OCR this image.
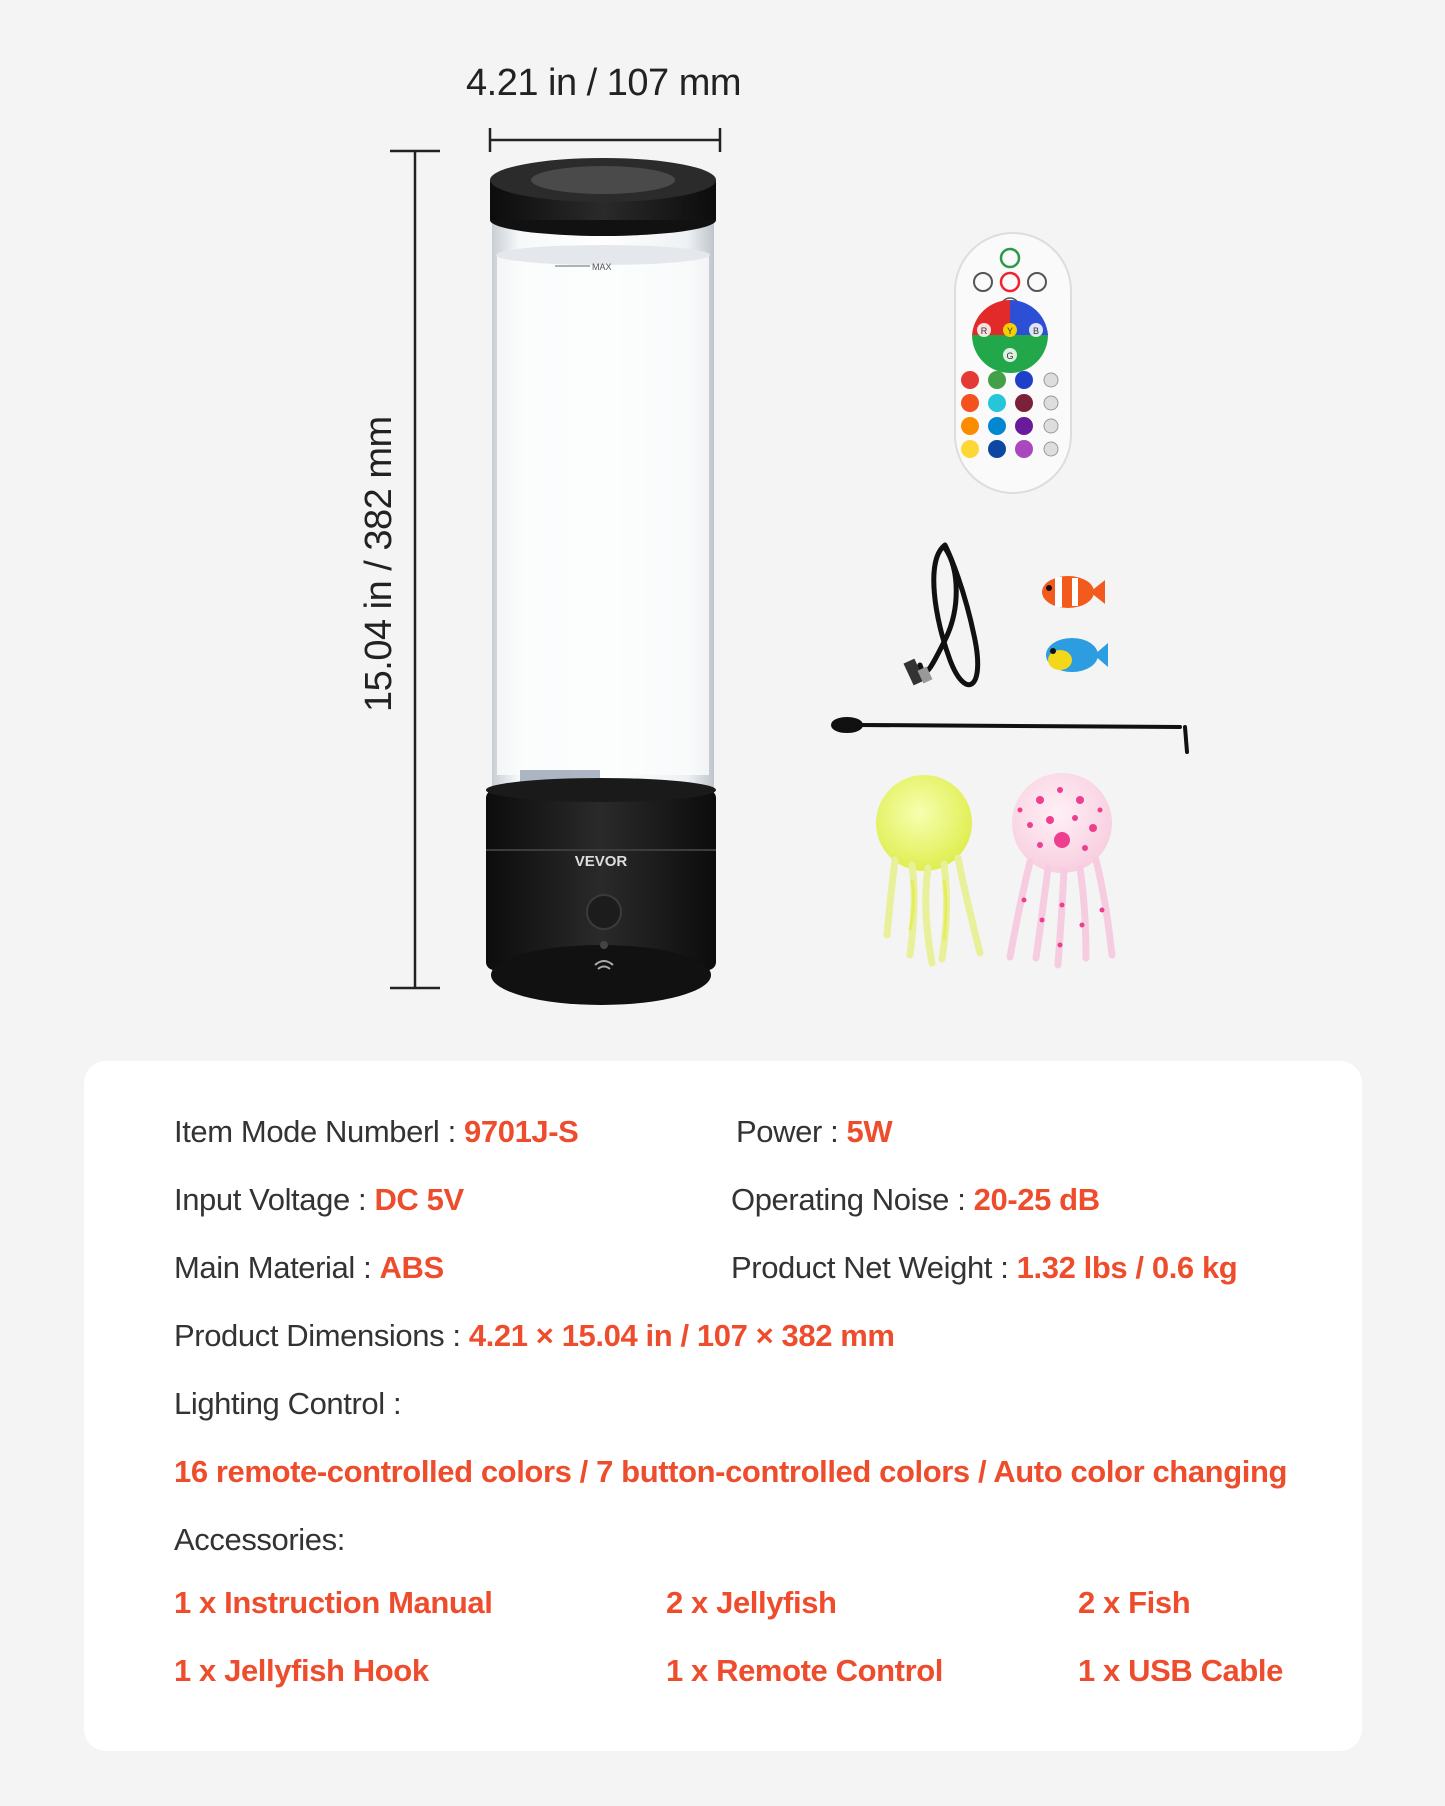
4.21 in / 107 mm
15.04 in / 382 mm
MAX
VEVOR
R Y B
G
Item Mode Numberl : 9701J-S	Power : 5W
Input Voltage : DC 5V	Operating Noise : 20-25 dB
Main Material : ABS	Product Net Weight : 1.32 lbs / 0.6 kg
Product Dimensions : 4.21 × 15.04 in / 107 × 382 mm
Lighting Control :
16 remote-controlled colors / 7 button-controlled colors / Auto color changing
Accessories:
1 x Instruction Manual	2 x Jellyfish	2 x Fish
1 x Jellyfish Hook	1 x Remote Control	1 x USB Cable
